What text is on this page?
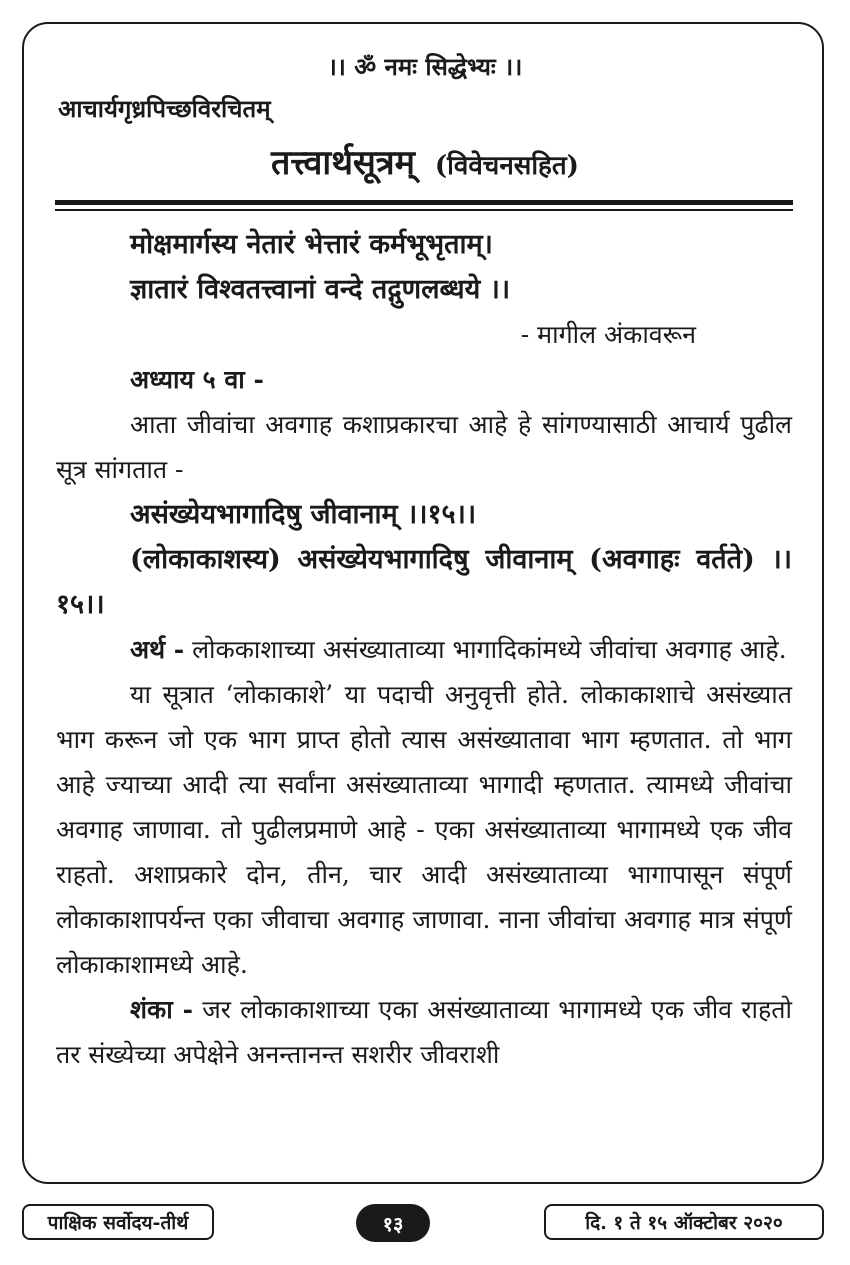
।। ॐ नमः सिद्धेभ्यः ।।
आचार्यगृध्रपिच्छविरचितम्
तत्त्वार्थसूत्रम् (विवेचनसहित)

मोक्षमार्गस्य नेतारं भेत्तारं कर्मभूभृताम्।

ज्ञातारं विश्वतत्त्वानां वन्दे तद्गुणलब्धये ।।

- मागील अंकावरून

अध्याय ५ वा -

आता जीवांचा अवगाह कशाप्रकारचा आहे हे सांगण्यासाठी आचार्य पुढील सूत्र सांगतात -

असंख्येयभागादिषु जीवानाम् ।।१५।।

(लोकाकाशस्य) असंख्येयभागादिषु जीवानाम् (अवगाहः वर्तते) ।।१५।।

अर्थ - लोककाशाच्या असंख्याताव्या भागादिकांमध्ये जीवांचा अवगाह आहे.

या सूत्रात ‘लोकाकाशे’ या पदाची अनुवृत्ती होते. लोकाकाशाचे असंख्यात भाग करून जो एक भाग प्राप्त होतो त्यास असंख्यातावा भाग म्हणतात. तो भाग आहे ज्याच्या आदी त्या सर्वांना असंख्याताव्या भागादी म्हणतात. त्यामध्ये जीवांचा अवगाह जाणावा. तो पुढीलप्रमाणे आहे - एका असंख्याताव्या भागामध्ये एक जीव राहतो. अशाप्रकारे दोन, तीन, चार आदी असंख्याताव्या भागापासून संपूर्ण लोकाकाशापर्यन्त एका जीवाचा अवगाह जाणावा. नाना जीवांचा अवगाह मात्र संपूर्ण लोकाकाशामध्ये आहे.

शंका - जर लोकाकाशाच्या एका असंख्याताव्या भागामध्ये एक जीव राहतो तर संख्येच्या अपेक्षेने अनन्तानन्त सशरीर जीवराशी

पाक्षिक सर्वोदय-तीर्थ	१३	दि. १ ते १५ ऑक्टोबर २०२०
